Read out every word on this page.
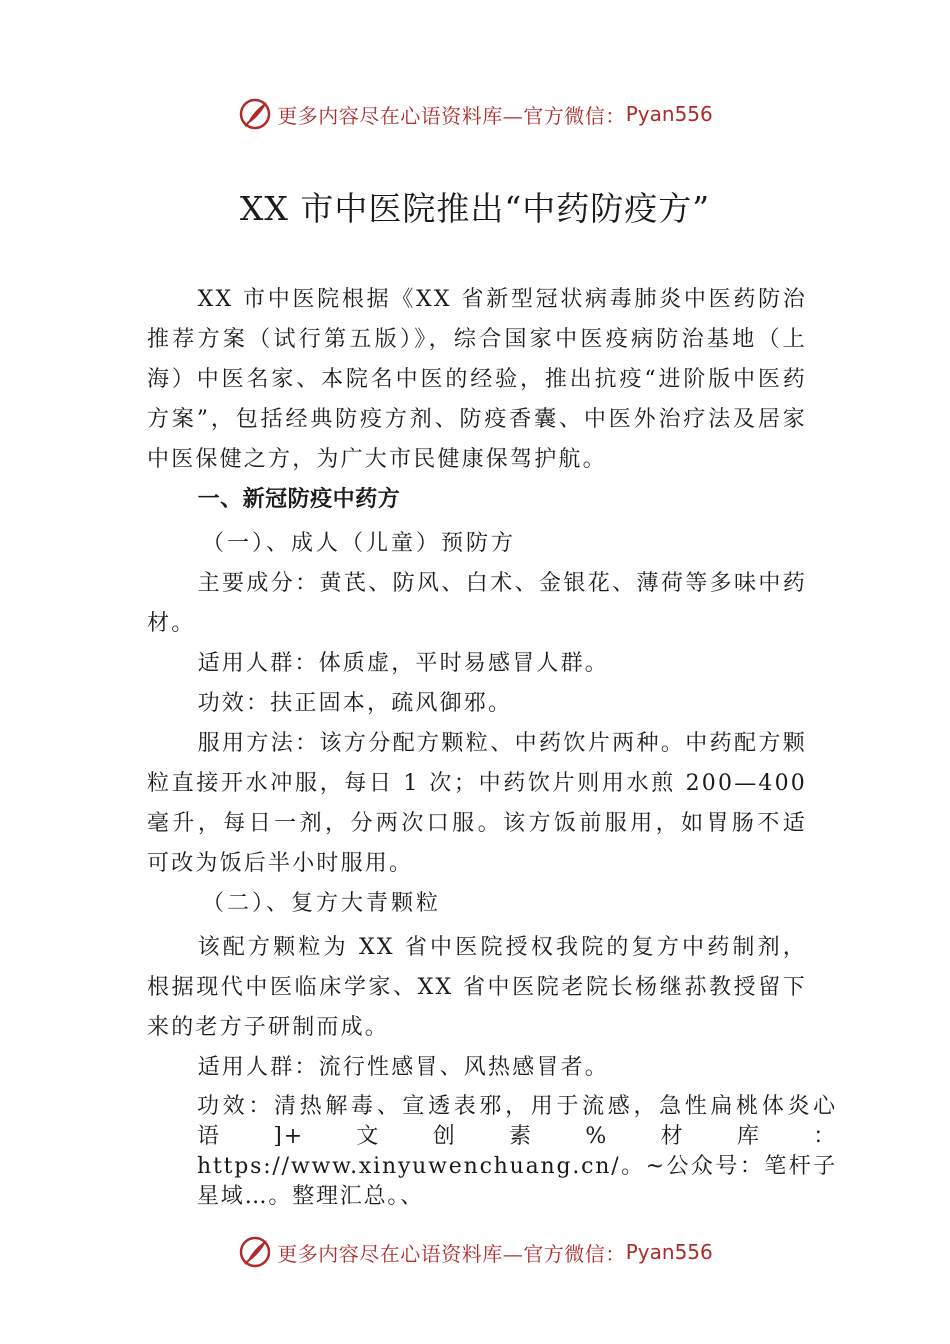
更多内容尽在心语资料库—官方微信： Pyan556
XX 市中医院推出“中药防疫方”

XX 市中医院根据《XX 省新型冠状病毒肺炎中医药防治推荐方案（试行第五版）》，综合国家中医疫病防治基地（上海）中医名家、本院名中医的经验，推出抗疫“进阶版中医药方案”，包括经典防疫方剂、防疫香囊、中医外治疗法及居家中医保健之方，为广大市民健康保驾护航。

一、新冠防疫中药方

（一）、成人（儿童）预防方

主要成分：黄芪、防风、白术、金银花、薄荷等多味中药材。

适用人群：体质虚，平时易感冒人群。

功效：扶正固本，疏风御邪。

服用方法：该方分配方颗粒、中药饮片两种。中药配方颗粒直接开水冲服，每日 1 次；中药饮片则用水煎 200—400 毫升，每日一剂，分两次口服。该方饭前服用，如胃肠不适 可改为饭后半小时服用。

（二）、复方大青颗粒

该配方颗粒为 XX 省中医院授权我院的复方中药制剂，根据现代中医临床学家、XX 省中医院老院长杨继荪教授留下来的老方子研制而成。

适用人群：流行性感冒、风热感冒者。

功效：清热解毒、宣透表邪，用于流感，急性扁桃体炎心语]+文创素%材库：https://www.xinyuwenchuang.cn/。~公众号：笔杆子星域…。整理汇总。、

更多内容尽在心语资料库—官方微信： Pyan556
